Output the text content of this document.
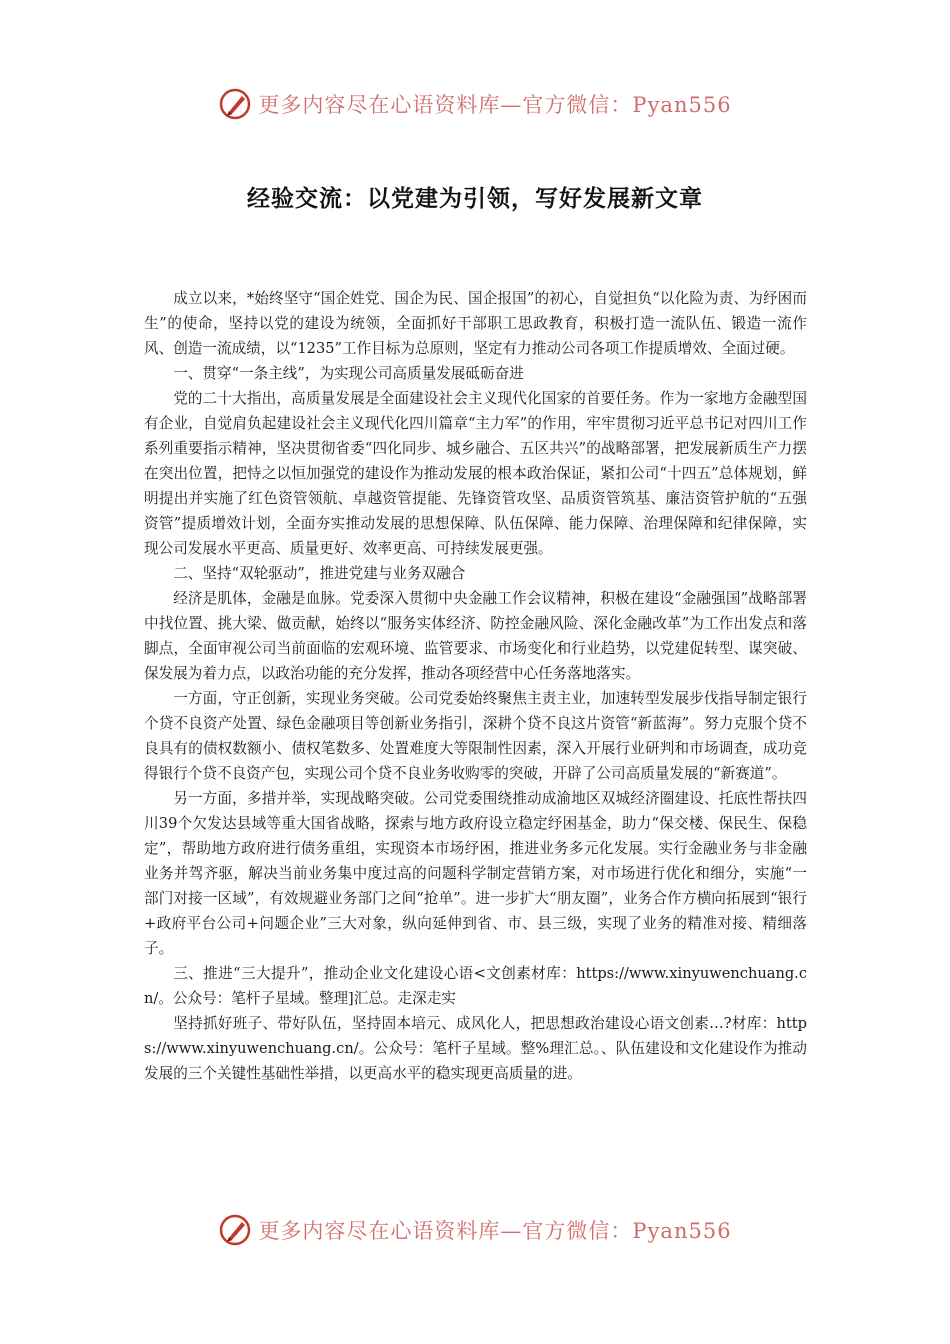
更多内容尽在心语资料库—官方微信：Pyan556
经验交流：以党建为引领，写好发展新文章

成立以来，*始终坚守“国企姓党、国企为民、国企报国”的初心，自觉担负“以化险为责、为纾困而生”的使命，坚持以党的建设为统领，全面抓好干部职工思政教育，积极打造一流队伍、锻造一流作风、创造一流成绩，以“1235”工作目标为总原则，坚定有力推动公司各项工作提质增效、全面过硬。

一、贯穿“一条主线”，为实现公司高质量发展砥砺奋进

党的二十大指出，高质量发展是全面建设社会主义现代化国家的首要任务。作为一家地方金融型国有企业，自觉肩负起建设社会主义现代化四川篇章“主力军”的作用，牢牢贯彻习近平总书记对四川工作系列重要指示精神，坚决贯彻省委“四化同步、城乡融合、五区共兴”的战略部署，把发展新质生产力摆在突出位置，把恃之以恒加强党的建设作为推动发展的根本政治保证，紧扣公司“十四五”总体规划，鲜明提出并实施了红色资管领航、卓越资管提能、先锋资管攻坚、品质资管筑基、廉洁资管护航的“五强资管”提质增效计划，全面夯实推动发展的思想保障、队伍保障、能力保障、治理保障和纪律保障，实现公司发展水平更高、质量更好、效率更高、可持续发展更强。

二、坚持“双轮驱动”，推进党建与业务双融合

经济是肌体，金融是血脉。党委深入贯彻中央金融工作会议精神，积极在建设“金融强国”战略部署中找位置、挑大梁、做贡献，始终以“服务实体经济、防控金融风险、深化金融改革”为工作出发点和落脚点，全面审视公司当前面临的宏观环境、监管要求、市场变化和行业趋势，以党建促转型、谋突破、保发展为着力点，以政治功能的充分发挥，推动各项经营中心任务落地落实。

一方面，守正创新，实现业务突破。公司党委始终聚焦主责主业，加速转型发展步伐指导制定银行个贷不良资产处置、绿色金融项目等创新业务指引，深耕个贷不良这片资管“新蓝海”。努力克服个贷不良具有的债权数额小、债权笔数多、处置难度大等限制性因素，深入开展行业研判和市场调查，成功竞得银行个贷不良资产包，实现公司个贷不良业务收购零的突破，开辟了公司高质量发展的“新赛道”。

另一方面，多措并举，实现战略突破。公司党委围绕推动成渝地区双城经济圈建设、托底性帮扶四川39个欠发达县域等重大国省战略，探索与地方政府设立稳定纾困基金，助力“保交楼、保民生、保稳定”，帮助地方政府进行债务重组，实现资本市场纾困，推进业务多元化发展。实行金融业务与非金融业务并驾齐驱，解决当前业务集中度过高的问题科学制定营销方案，对市场进行优化和细分，实施“一部门对接一区域”，有效规避业务部门之间“抢单”。进一步扩大“朋友圈”，业务合作方横向拓展到“银行+政府平台公司+问题企业”三大对象，纵向延伸到省、市、县三级，实现了业务的精准对接、精细落子。

三、推进“三大提升”，推动企业文化建设心语<文创素材库：https://www.xinyuwenchuang.cn/。公众号：笔杆子星域。整理]汇总。走深走实

坚持抓好班子、带好队伍，坚持固本培元、成风化人，把思想政治建设心语文创素…?材库：https://www.xinyuwenchuang.cn/。公众号：笔杆子星域。整%理汇总。、队伍建设和文化建设作为推动发展的三个关键性基础性举措，以更高水平的稳实现更高质量的进。

更多内容尽在心语资料库—官方微信：Pyan556
